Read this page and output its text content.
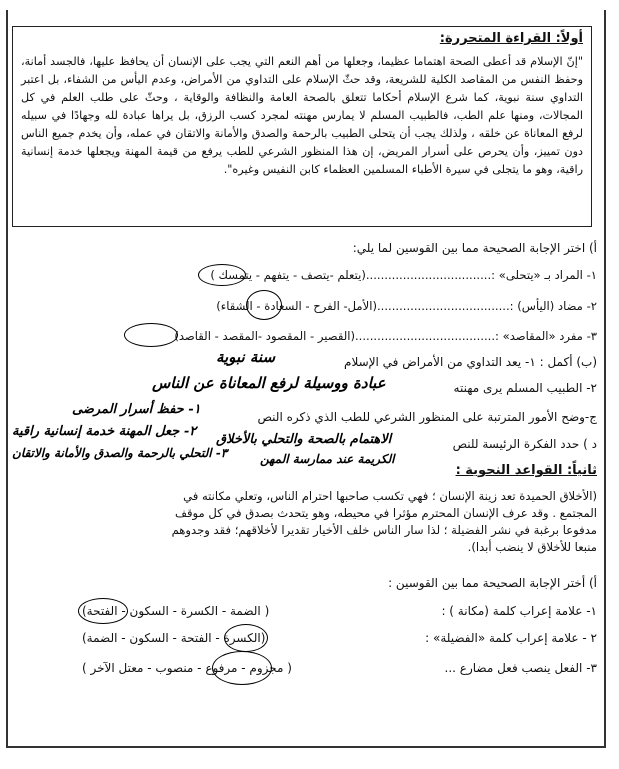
أولاً: القراءة المتحررة:
"إنّ الإسلام قد أعطى الصحة اهتماما عظيما، وجعلها من أهم النعم التي يجب على الإنسان أن يحافظ عليها، فالجسد أمانة، وحفظ النفس من المقاصد الكلية للشريعة، وقد حثّ الإسلام على التداوي من الأمراض، وعدم اليأس من الشفاء، بل اعتبر التداوي سنة نبوية، كما شرع الإسلام أحكاما تتعلق بالصحة العامة والنظافة والوقاية ، وحثّ على طلب العلم في كل المجالات، ومنها علم الطب، فالطبيب المسلم لا يمارس مهنته لمجرد كسب الرزق، بل يراها عبادة لله وجهادًا في سبيله لرفع المعاناة عن خلقه ، ولذلك يجب أن يتحلى الطبيب بالرحمة والصدق والأمانة والاتقان في عمله، وأن يخدم جميع الناس دون تمييز، وأن يحرص على أسرار المريض، إن هذا المنظور الشرعي للطب يرفع من قيمة المهنة ويجعلها خدمة إنسانية راقية، وهو ما يتجلى في سيرة الأطباء المسلمين العظماء كابن النفيس وغيره".
أ) اختر الإجابة الصحيحة مما بين القوسين لما يلي:
١- المراد بـ «يتحلى» :..................................(يتعلم -يتصف - يتفهم - يتمسك )
٢- مضاد (اليأس) :....................................(الأمل- الفرح - السعادة - الشقاء)
٣- مفرد «المقاصد» :......................................(القصير - المقصود -المقصد - القاصد)
(ب) أكمل : ١- يعد التداوي من الأمراض في الإسلام
سنة نبوية
٢- الطبيب المسلم يرى مهنته
عبادة ووسيلة لرفع المعاناة عن الناس
ج-وضح الأمور المترتبة على المنظور الشرعي للطب الذي ذكره النص
١- حفظ أسرار المرضى
٢- جعل المهنة خدمة إنسانية راقية
٣- التحلي بالرحمة والصدق والأمانة والاتقان
د ) حدد الفكرة الرئيسة للنص
الاهتمام بالصحة والتحلي بالأخلاق
الكريمة عند ممارسة المهن
ثانياً: القواعد النحوية :
(الأخلاق الحميدة تعد زينة الإنسان ؛ فهي تكسب صاحبها احترام الناس، وتعلي مكانته في
المجتمع . وقد عرف الإنسان المحترم مؤثرا في محيطه، وهو يتحدث بصدق في كل موقف
مدفوعا برغبة في نشر الفضيلة ؛ لذا سار الناس خلف الأخيار تقديرا لأخلاقهم؛ فقد وجدوهم
منبعا للأخلاق لا ينضب أبدا).
أ) أختر الإجابة الصحيحة مما بين القوسين :
١- علامة إعراب كلمة (مكانة ) :
( الضمة - الكسرة - السكون - الفتحة)
٢ - علامة إعراب كلمة «الفضيلة» :
(الكسرة - الفتحة - السكون - الضمة)
٣- الفعل ينصب فعل مضارع ...
( مجزوم - مرفوع - منصوب - معتل الآخر )
